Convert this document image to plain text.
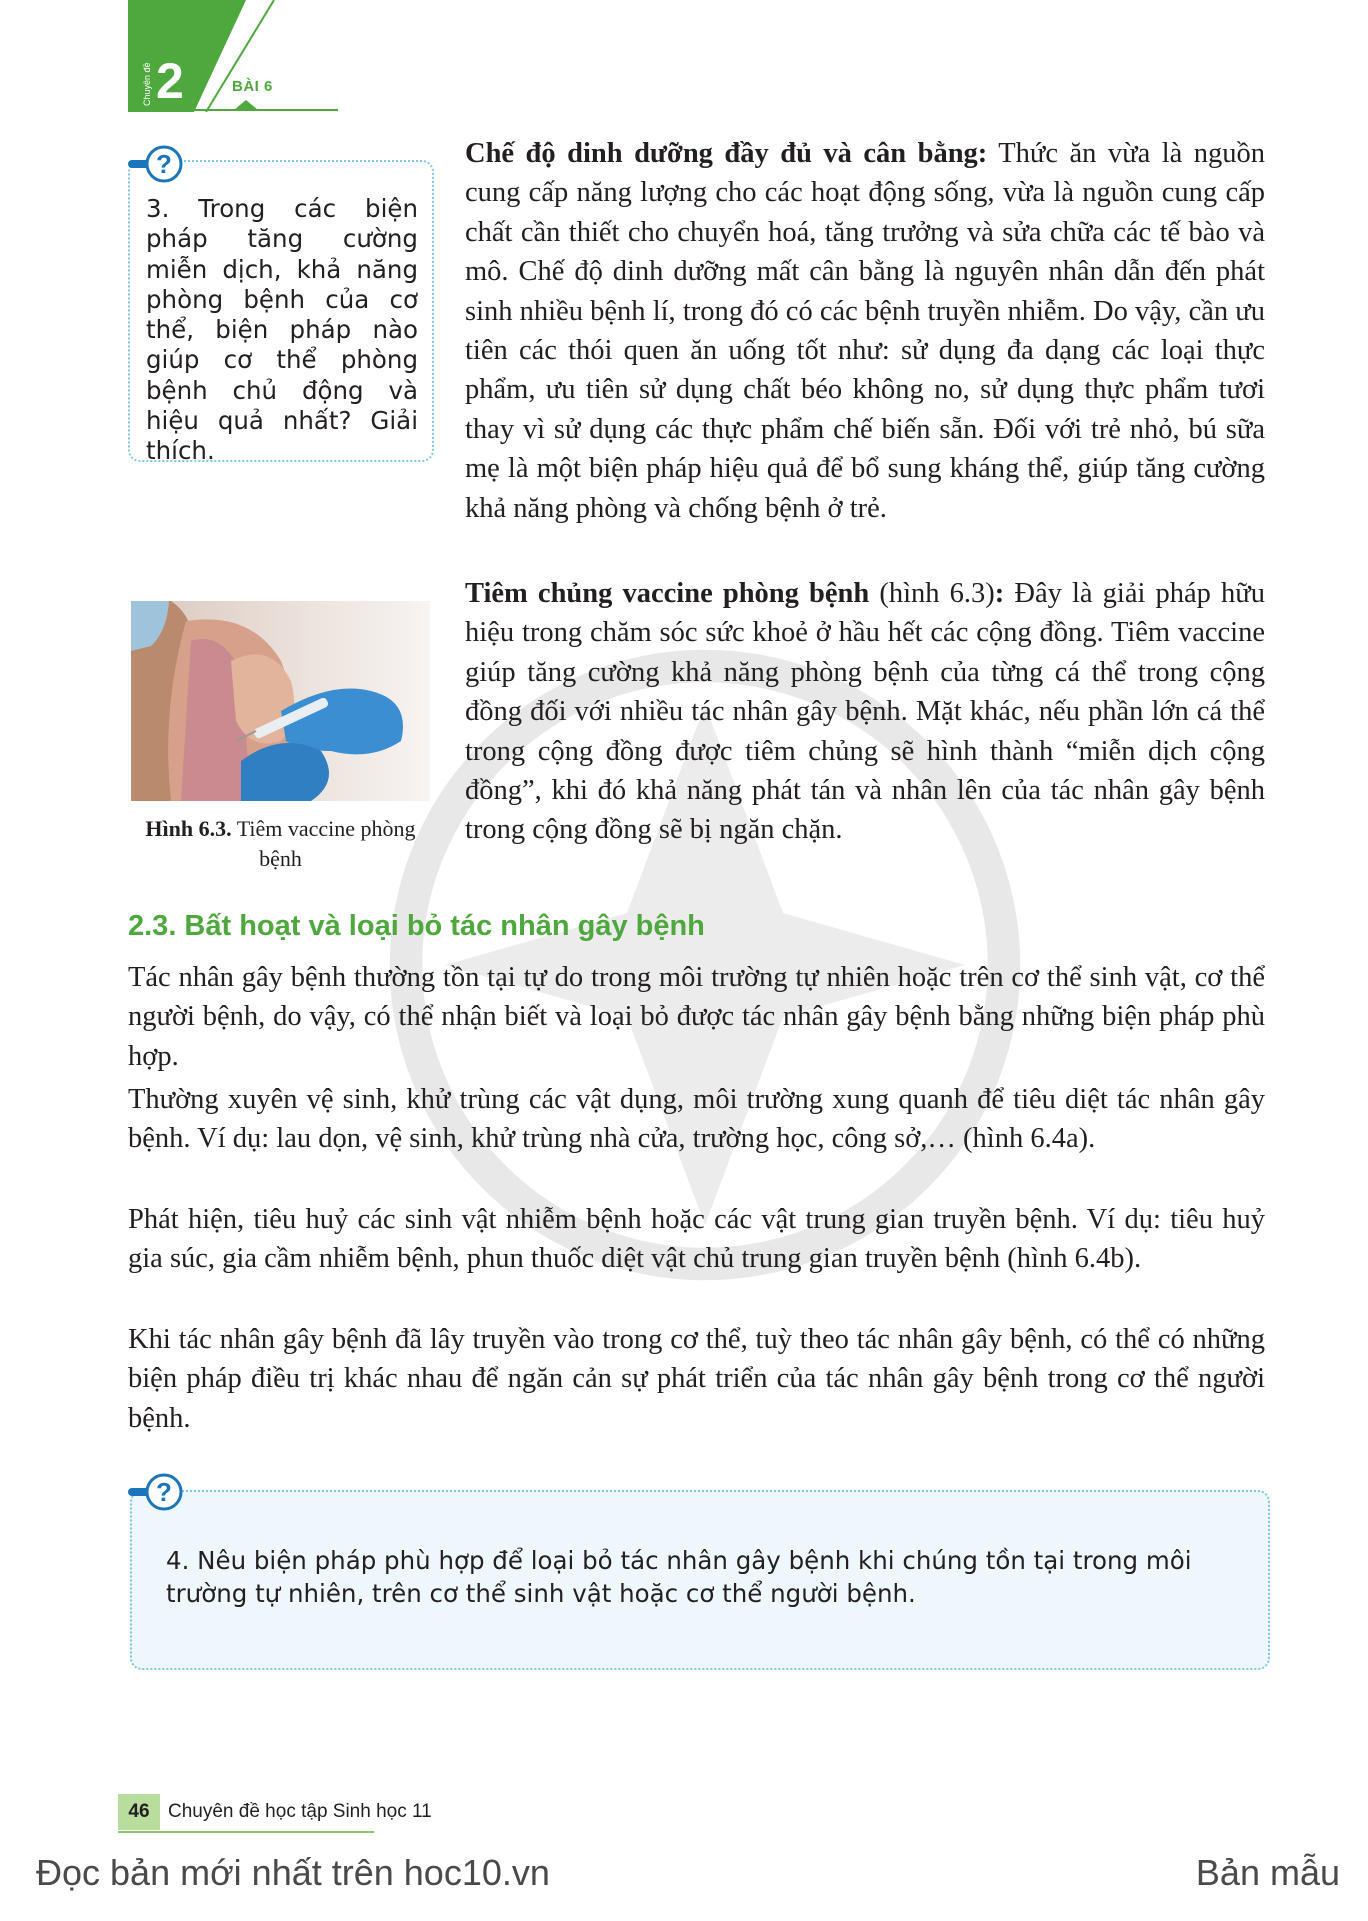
Chuyên đề 2	BÀI 6
?
3. Trong các biện pháp tăng cường miễn dịch, khả năng phòng bệnh của cơ thể, biện pháp nào giúp cơ thể phòng bệnh chủ động và hiệu quả nhất? Giải thích.

Chế độ dinh dưỡng đầy đủ và cân bằng: Thức ăn vừa là nguồn cung cấp năng lượng cho các hoạt động sống, vừa là nguồn cung cấp chất cần thiết cho chuyển hoá, tăng trưởng và sửa chữa các tế bào và mô. Chế độ dinh dưỡng mất cân bằng là nguyên nhân dẫn đến phát sinh nhiều bệnh lí, trong đó có các bệnh truyền nhiễm. Do vậy, cần ưu tiên các thói quen ăn uống tốt như: sử dụng đa dạng các loại thực phẩm, ưu tiên sử dụng chất béo không no, sử dụng thực phẩm tươi thay vì sử dụng các thực phẩm chế biến sẵn. Đối với trẻ nhỏ, bú sữa mẹ là một biện pháp hiệu quả để bổ sung kháng thể, giúp tăng cường khả năng phòng và chống bệnh ở trẻ.

Hình 6.3. Tiêm vaccine phòng bệnh

Tiêm chủng vaccine phòng bệnh (hình 6.3): Đây là giải pháp hữu hiệu trong chăm sóc sức khoẻ ở hầu hết các cộng đồng. Tiêm vaccine giúp tăng cường khả năng phòng bệnh của từng cá thể trong cộng đồng đối với nhiều tác nhân gây bệnh. Mặt khác, nếu phần lớn cá thể trong cộng đồng được tiêm chủng sẽ hình thành “miễn dịch cộng đồng”, khi đó khả năng phát tán và nhân lên của tác nhân gây bệnh trong cộng đồng sẽ bị ngăn chặn.

2.3. Bất hoạt và loại bỏ tác nhân gây bệnh

Tác nhân gây bệnh thường tồn tại tự do trong môi trường tự nhiên hoặc trên cơ thể sinh vật, cơ thể người bệnh, do vậy, có thể nhận biết và loại bỏ được tác nhân gây bệnh bằng những biện pháp phù hợp.

Thường xuyên vệ sinh, khử trùng các vật dụng, môi trường xung quanh để tiêu diệt tác nhân gây bệnh. Ví dụ: lau dọn, vệ sinh, khử trùng nhà cửa, trường học, công sở,… (hình 6.4a).

Phát hiện, tiêu huỷ các sinh vật nhiễm bệnh hoặc các vật trung gian truyền bệnh. Ví dụ: tiêu huỷ gia súc, gia cầm nhiễm bệnh, phun thuốc diệt vật chủ trung gian truyền bệnh (hình 6.4b).

Khi tác nhân gây bệnh đã lây truyền vào trong cơ thể, tuỳ theo tác nhân gây bệnh, có thể có những biện pháp điều trị khác nhau để ngăn cản sự phát triển của tác nhân gây bệnh trong cơ thể người bệnh.

?
4. Nêu biện pháp phù hợp để loại bỏ tác nhân gây bệnh khi chúng tồn tại trong môi trường tự nhiên, trên cơ thể sinh vật hoặc cơ thể người bệnh.
46 Chuyên đề học tập Sinh học 11
Đọc bản mới nhất trên hoc10.vn	Bản mẫu
